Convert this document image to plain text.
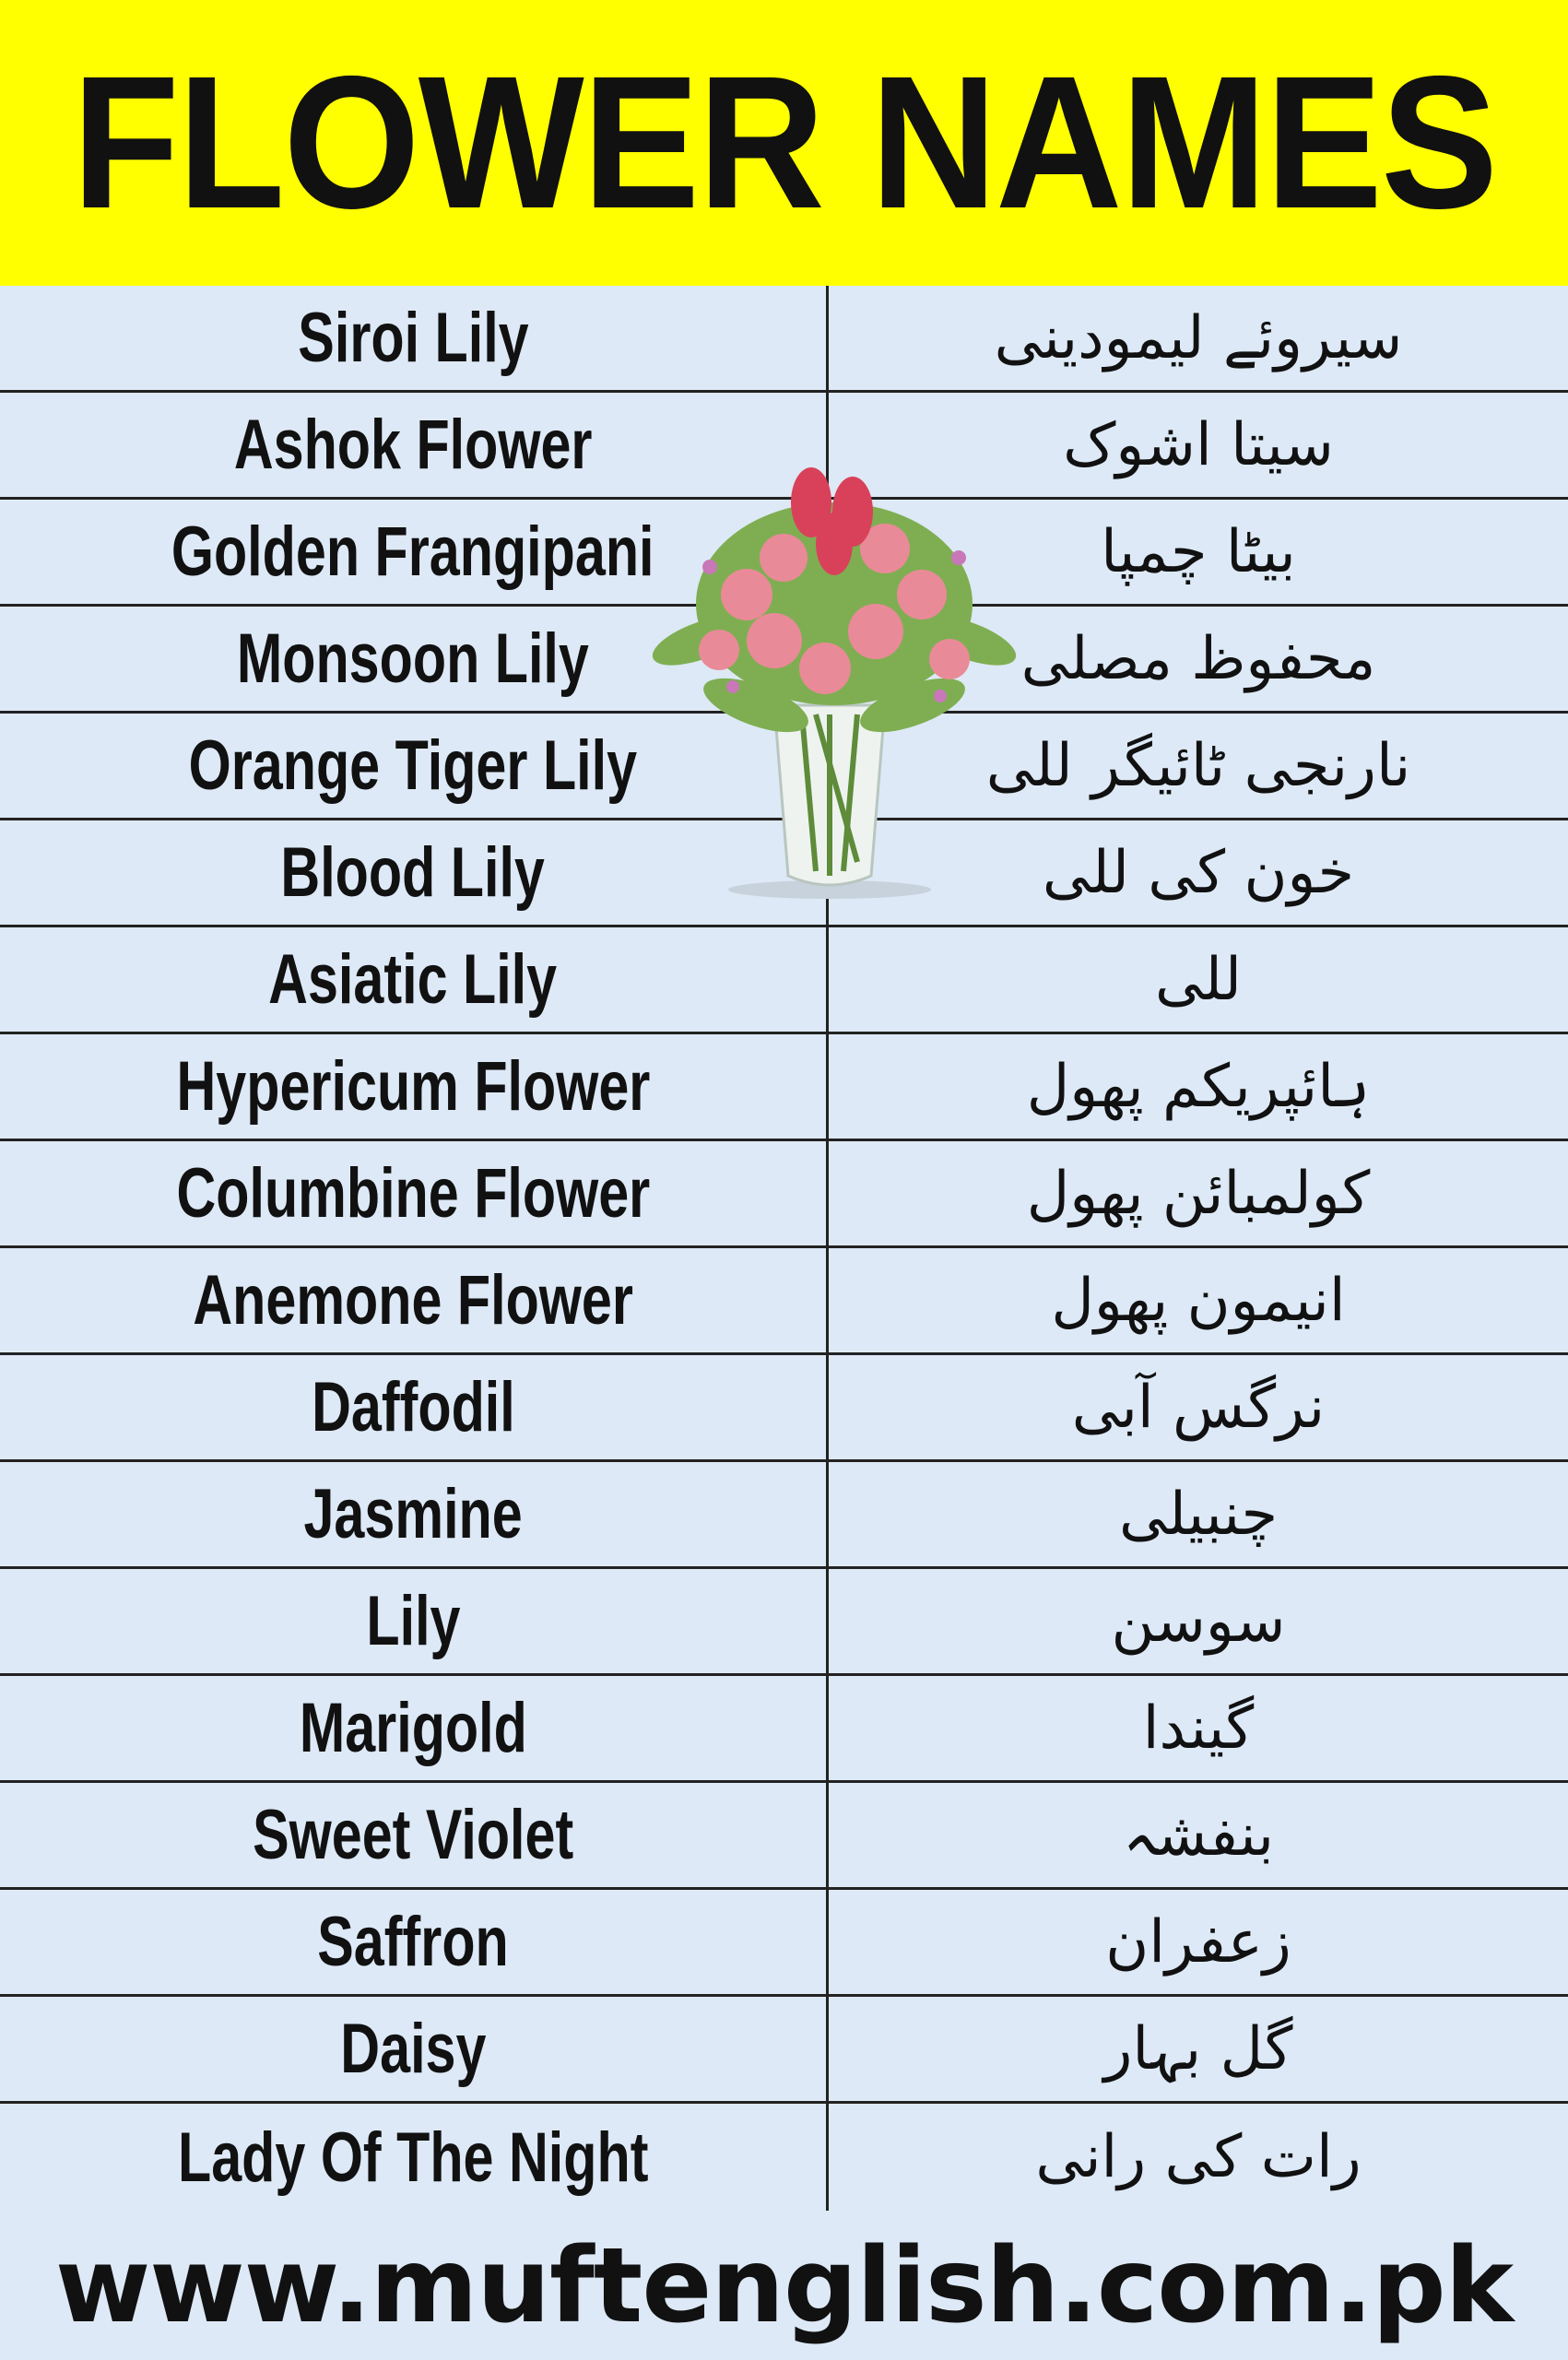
FLOWER NAMES
Siroi Lily	سیروئے لیمودینی
Ashok Flower	سیتا اشوک
Golden Frangipani	بیٹا چمپا
Monsoon Lily	محفوظ مصلی
Orange Tiger Lily	نارنجی ٹائیگر للی
Blood Lily	خون کی للی
Asiatic Lily	للی
Hypericum Flower	ہائپریکم پھول
Columbine Flower	کولمبائن پھول
Anemone Flower	انیمون پھول
Daffodil	نرگس آبی
Jasmine	چنبیلی
Lily	سوسن
Marigold	گیندا
Sweet Violet	بنفشہ
Saffron	زعفران
Daisy	گل بہار
Lady Of The Night	رات کی رانی
www.muftenglish.com.pk
